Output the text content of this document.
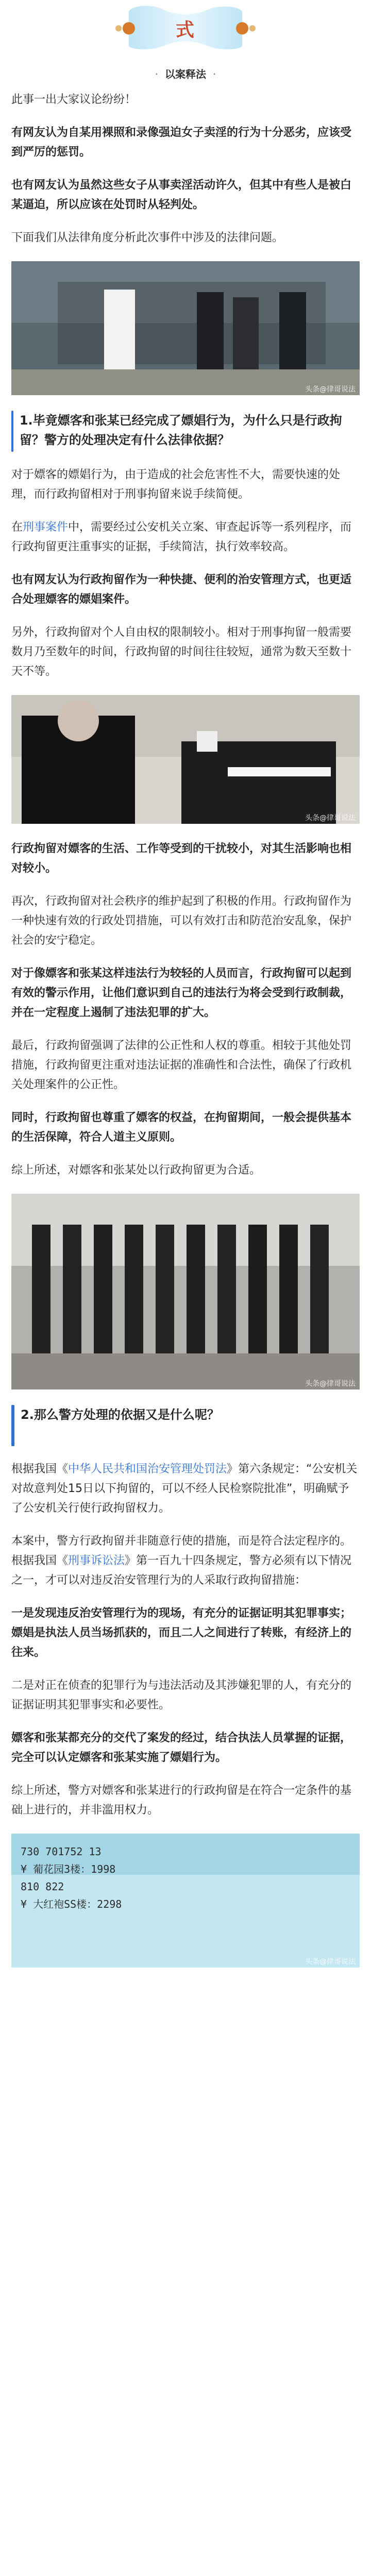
式
· 以案释法 ·

此事一出大家议论纷纷！

有网友认为自某用裸照和录像强迫女子卖淫的行为十分恶劣，应该受到严厉的惩罚。

也有网友认为虽然这些女子从事卖淫活动许久，但其中有些人是被白某逼迫，所以应该在处罚时从轻判处。

下面我们从法律角度分析此次事件中涉及的法律问题。

头条@律哥说法
1.毕竟嫖客和张某已经完成了嫖娼行为，为什么只是行政拘留？警方的处理决定有什么法律依据？

对于嫖客的嫖娼行为，由于造成的社会危害性不大，需要快速的处理，而行政拘留相对于刑事拘留来说手续简便。

在刑事案件中，需要经过公安机关立案、审查起诉等一系列程序，而行政拘留更注重事实的证据，手续简洁，执行效率较高。

也有网友认为行政拘留作为一种快捷、便利的治安管理方式，也更适合处理嫖客的嫖娼案件。

另外，行政拘留对个人自由权的限制较小。相对于刑事拘留一般需要数月乃至数年的时间，行政拘留的时间往往较短，通常为数天至数十天不等。

头条@律哥说法

行政拘留对嫖客的生活、工作等受到的干扰较小，对其生活影响也相对较小。

再次，行政拘留对社会秩序的维护起到了积极的作用。行政拘留作为一种快速有效的行政处罚措施，可以有效打击和防范治安乱象，保护社会的安宁稳定。

对于像嫖客和张某这样违法行为较轻的人员而言，行政拘留可以起到有效的警示作用，让他们意识到自己的违法行为将会受到行政制裁，并在一定程度上遏制了违法犯罪的扩大。

最后，行政拘留强调了法律的公正性和人权的尊重。相较于其他处罚措施，行政拘留更注重对违法证据的准确性和合法性，确保了行政机关处理案件的公正性。

同时，行政拘留也尊重了嫖客的权益，在拘留期间，一般会提供基本的生活保障，符合人道主义原则。

综上所述，对嫖客和张某处以行政拘留更为合适。

头条@律哥说法
2.那么警方处理的依据又是什么呢？

根据我国《中华人民共和国治安管理处罚法》第六条规定：“公安机关对故意判处15日以下拘留的，可以不经人民检察院批准”，明确赋予了公安机关行使行政拘留权力。

本案中，警方行政拘留并非随意行使的措施，而是符合法定程序的。根据我国《刑事诉讼法》第一百九十四条规定，警方必须有以下情况之一，才可以对违反治安管理行为的人采取行政拘留措施：

一是发现违反治安管理行为的现场，有充分的证据证明其犯罪事实；嫖娼是执法人员当场抓获的，而且二人之间进行了转账，有经济上的往来。

二是对正在侦查的犯罪行为与违法活动及其涉嫌犯罪的人，有充分的证据证明其犯罪事实和必要性。

嫖客和张某都充分的交代了案发的经过，结合执法人员掌握的证据，完全可以认定嫖客和张某实施了嫖娼行为。

综上所述，警方对嫖客和张某进行的行政拘留是在符合一定条件的基础上进行的，并非滥用权力。

730 701752 13
¥ 葡花园3楼：1998
810 822
¥ 大红袍SS楼：2298
头条@律哥说法
